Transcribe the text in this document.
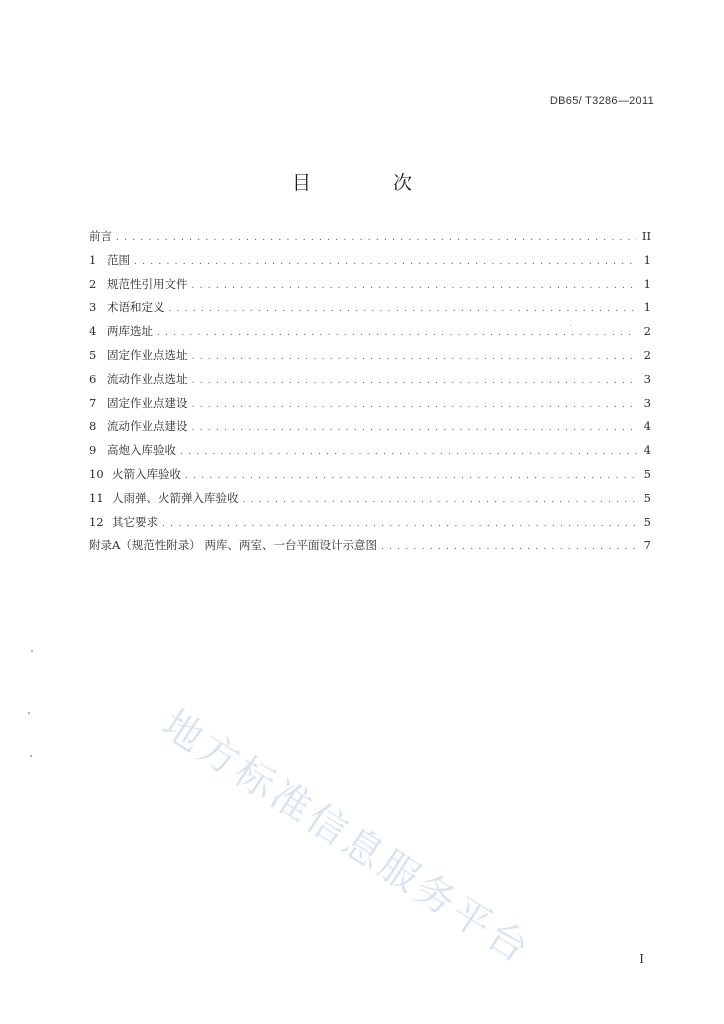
DB65/ T3286—2011
目 次
前言 . . .	II
1 范围 . . .	1
2 规范性引用文件 . . .	1
3 术语和定义 . . .	1
4 两库选址 . . .	2
5 固定作业点选址 . . .	2
6 流动作业点选址 . . .	3
7 固定作业点建设 . . .	3
8 流动作业点建设 . . .	4
9 高炮入库验收 . . .	4
10 火箭入库验收 . . .	5
11 人雨弹、火箭弹入库验收 . . .	5
12 其它要求 . . .	5
附录A（规范性附录） 两库、两室、一台平面设计示意图 . . .	7
地方标准信息服务平台	I
